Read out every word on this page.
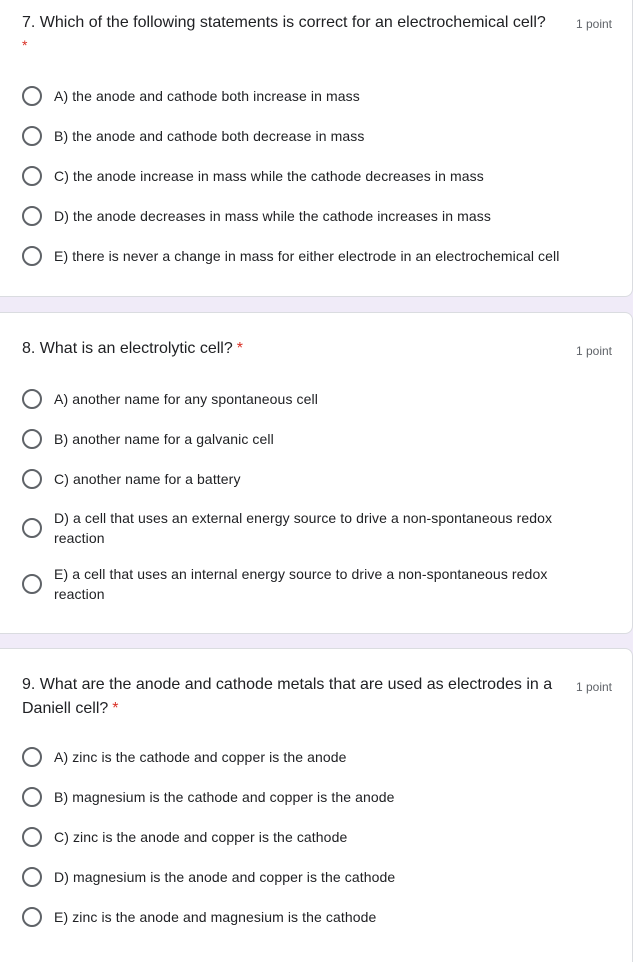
7. Which of the following statements is correct for an electrochemical cell?
*
1 point
A) the anode and cathode both increase in mass
B) the anode and cathode both decrease in mass
C) the anode increase in mass while the cathode decreases in mass
D) the anode decreases in mass while the cathode increases in mass
E) there is never a change in mass for either electrode in an electrochemical cell
8. What is an electrolytic cell? *	1 point
A) another name for any spontaneous cell
B) another name for a galvanic cell
C) another name for a battery
D) a cell that uses an external energy source to drive a non-spontaneous redox reaction
E) a cell that uses an internal energy source to drive a non-spontaneous redox reaction
9. What are the anode and cathode metals that are used as electrodes in a Daniell cell? *
1 point
A) zinc is the cathode and copper is the anode
B) magnesium is the cathode and copper is the anode
C) zinc is the anode and copper is the cathode
D) magnesium is the anode and copper is the cathode
E) zinc is the anode and magnesium is the cathode
